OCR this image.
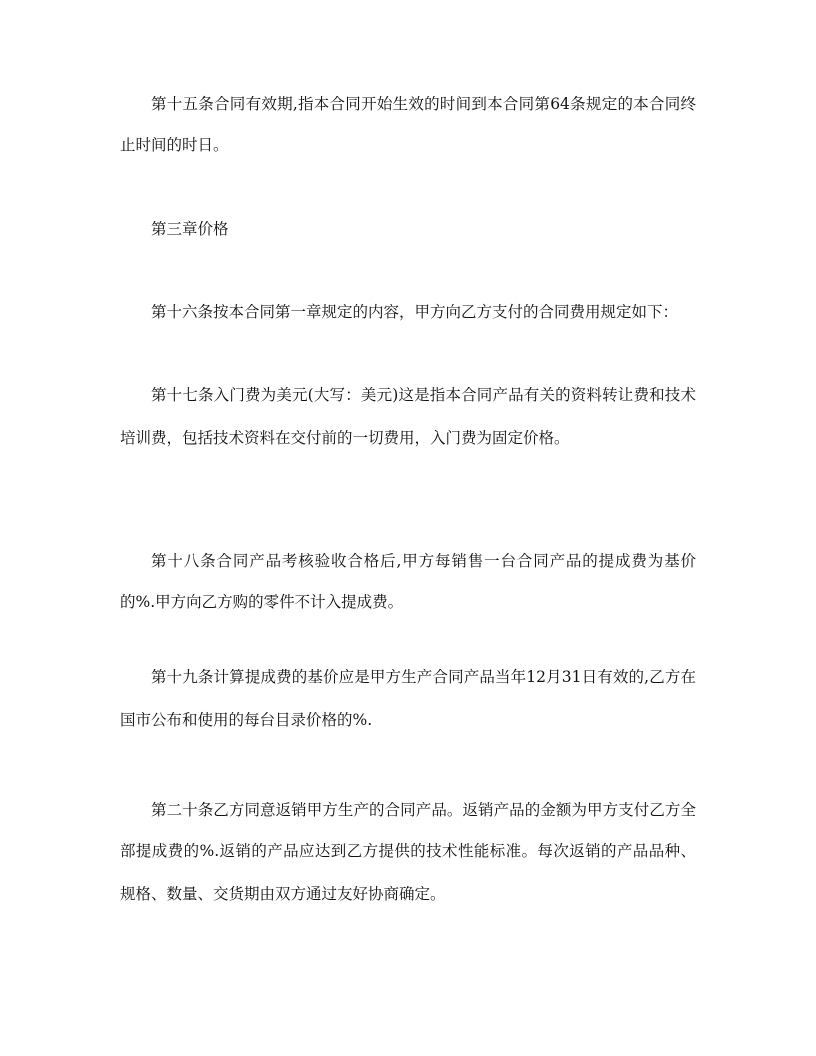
第十五条合同有效期,指本合同开始生效的时间到本合同第64条规定的本合同终止时间的时日。

第三章价格

第十六条按本合同第一章规定的内容，甲方向乙方支付的合同费用规定如下：

第十七条入门费为美元(大写：美元)这是指本合同产品有关的资料转让费和技术培训费，包括技术资料在交付前的一切费用，入门费为固定价格。

第十八条合同产品考核验收合格后,甲方每销售一台合同产品的提成费为基价的%.甲方向乙方购的零件不计入提成费。

第十九条计算提成费的基价应是甲方生产合同产品当年12月31日有效的,乙方在国市公布和使用的每台目录价格的%.

第二十条乙方同意返销甲方生产的合同产品。返销产品的金额为甲方支付乙方全部提成费的%.返销的产品应达到乙方提供的技术性能标准。每次返销的产品品种、规格、数量、交货期由双方通过友好协商确定。
